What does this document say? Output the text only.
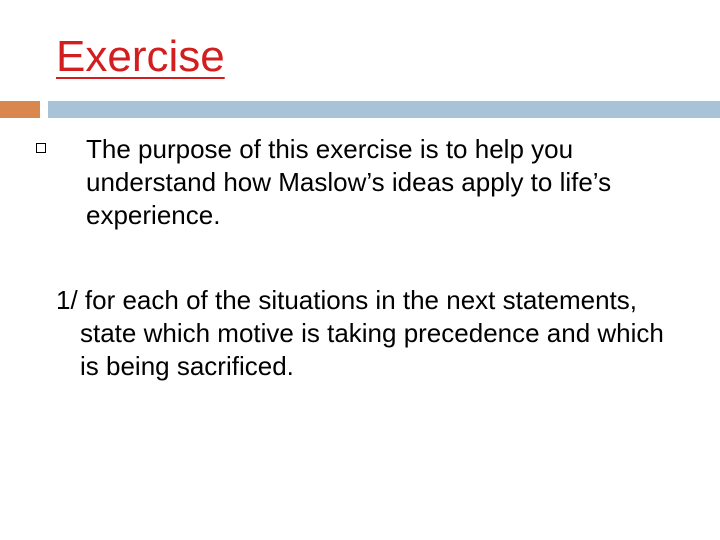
Exercise

The purpose of this exercise is to help you understand how Maslow’s ideas apply to life’s experience.

1/ for each of the situations in the next statements, state which motive is taking precedence and which is being sacrificed.
